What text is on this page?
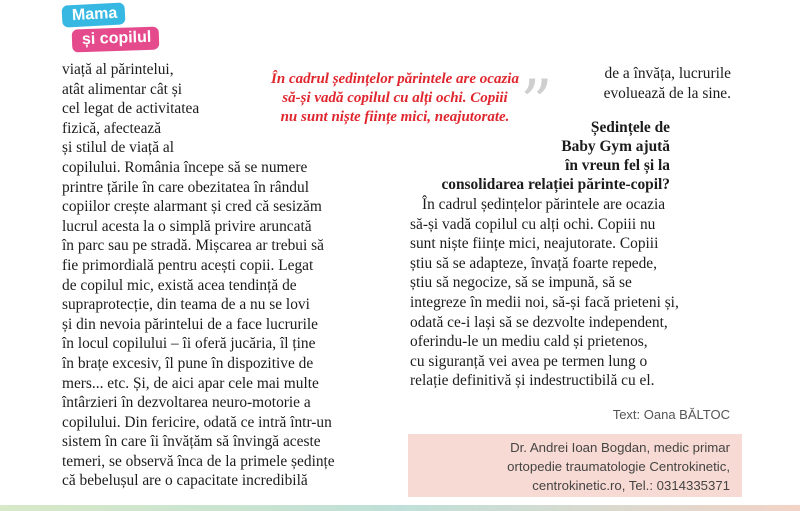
Mama
și copilul
viață al părintelui,
atât alimentar cât și
cel legat de activitatea
fizică, afectează
și stilul de viață al
copilului. România începe să se numere
printre țările în care obezitatea în rândul
copiilor crește alarmant și cred că sesizăm
lucrul acesta la o simplă privire aruncată
în parc sau pe stradă. Mișcarea ar trebui să
fie primordială pentru acești copii. Legat
de copilul mic, există acea tendință de
supraprotecție, din teama de a nu se lovi
și din nevoia părintelui de a face lucrurile
în locul copilului – îi oferă jucăria, îl ține
în brațe excesiv, îl pune în dispozitive de
mers... etc. Și, de aici apar cele mai multe
întârzieri în dezvoltarea neuro-motorie a
copilului. Din fericire, odată ce intră într-un
sistem în care îi învățăm să învingă aceste
temeri, se observă înca de la primele ședințe
că bebelușul are o capacitate incredibilă
În cadrul ședințelor părintele are ocazia
să-și vadă copilul cu alți ochi. Copiii
nu sunt niște ființe mici, neajutorate. ”	de a învăța, lucrurile
evoluează de la sine.
Ședințele de
Baby Gym ajută
în vreun fel și la
consolidarea relației părinte-copil?
În cadrul ședințelor părintele are ocazia
să-și vadă copilul cu alți ochi. Copiii nu
sunt niște ființe mici, neajutorate. Copiii
știu să se adapteze, învață foarte repede,
știu să negocize, să se impună, să se
integreze în medii noi, să-și facă prieteni și,
odată ce-i lași să se dezvolte independent,
oferindu-le un mediu cald și prietenos,
cu siguranță vei avea pe termen lung o
relație definitivă și indestructibilă cu el.
Text: Oana BĂLTOC
Dr. Andrei Ioan Bogdan, medic primar
ortopedie traumatologie Centrokinetic,
centrokinetic.ro, Tel.: 0314335371
